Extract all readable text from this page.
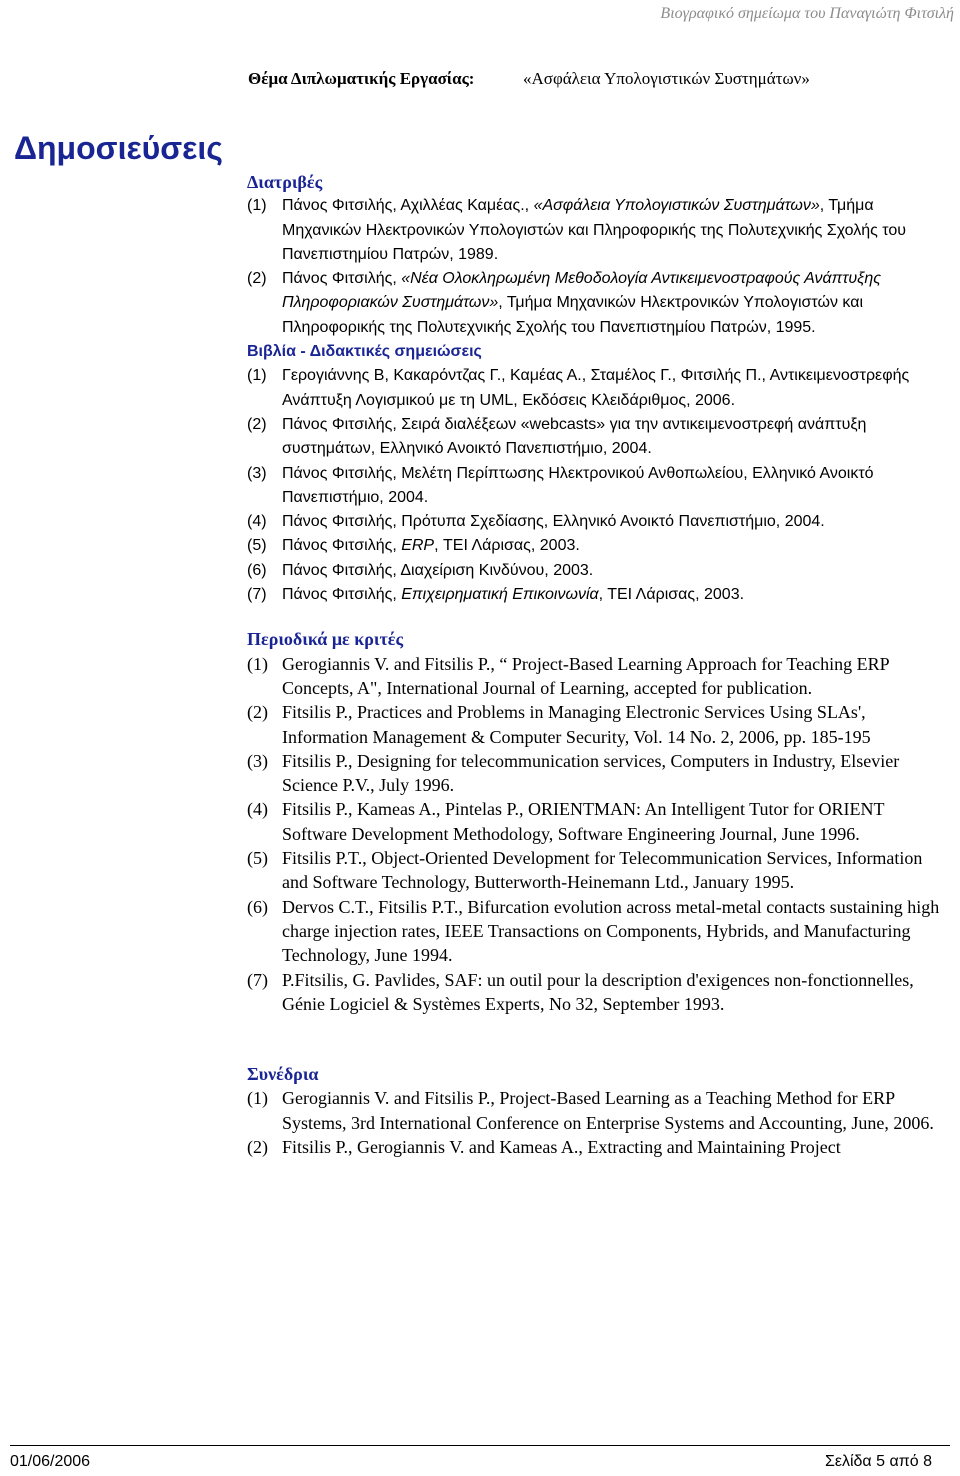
Βιογραφικό σημείωμα του Παναγιώτη Φιτσιλή
Θέμα Διπλωματικής Εργασίας:	«Ασφάλεια Υπολογιστικών Συστημάτων»
Δημοσιεύσεις
Διατριβές
(1) Πάνος Φιτσιλής, Αχιλλέας Καμέας., «Ασφάλεια Υπολογιστικών Συστημάτων», Τμήμα Μηχανικών Ηλεκτρονικών Υπολογιστών και Πληροφορικής της Πολυτεχνικής Σχολής του Πανεπιστημίου Πατρών, 1989.
(2) Πάνος Φιτσιλής, «Νέα Ολοκληρωμένη Μεθοδολογία Αντικειμενοστραφούς Ανάπτυξης Πληροφοριακών Συστημάτων», Τμήμα Μηχανικών Ηλεκτρονικών Υπολογιστών και Πληροφορικής της Πολυτεχνικής Σχολής του Πανεπιστημίου Πατρών, 1995.
Βιβλία - Διδακτικές σημειώσεις
(1) Γερογιάννης Β, Κακαρόντζας Γ., Καμέας Α., Σταμέλος Γ., Φιτσιλής Π., Αντικειμενοστρεφής Ανάπτυξη Λογισμικού με τη UML, Εκδόσεις Κλειδάριθμος, 2006.
(2) Πάνος Φιτσιλής, Σειρά διαλέξεων «webcasts» για την αντικειμενοστρεφή ανάπτυξη συστημάτων, Ελληνικό Ανοικτό Πανεπιστήμιο, 2004.
(3) Πάνος Φιτσιλής, Μελέτη Περίπτωσης Ηλεκτρονικού Ανθοπωλείου, Ελληνικό Ανοικτό Πανεπιστήμιο, 2004.
(4) Πάνος Φιτσιλής, Πρότυπα Σχεδίασης, Ελληνικό Ανοικτό Πανεπιστήμιο, 2004.
(5) Πάνος Φιτσιλής, ERP, ΤΕΙ Λάρισας, 2003.
(6) Πάνος Φιτσιλής, Διαχείριση Κινδύνου, 2003.
(7) Πάνος Φιτσιλής, Επιχειρηματική Επικοινωνία, ΤΕΙ Λάρισας, 2003.
Περιοδικά με κριτές
(1) Gerogiannis V. and Fitsilis P., “ Project-Based Learning Approach for Teaching ERP Concepts, A", International Journal of Learning, accepted for publication.
(2) Fitsilis P., Practices and Problems in Managing Electronic Services Using SLAs', Information Management & Computer Security, Vol. 14 No. 2, 2006, pp. 185-195
(3) Fitsilis P., Designing for telecommunication services, Computers in Industry, Elsevier Science P.V., July 1996.
(4) Fitsilis P., Kameas A., Pintelas P., ORIENTMAN: An Intelligent Tutor for ORIENT Software Development Methodology, Software Engineering Journal, June 1996.
(5) Fitsilis P.T., Object-Oriented Development for Telecommunication Services, Information and Software Technology, Butterworth-Heinemann Ltd., January 1995.
(6) Dervos C.T., Fitsilis P.T., Bifurcation evolution across metal-metal contacts sustaining high charge injection rates, IEEE Transactions on Components, Hybrids, and Manufacturing Technology, June 1994.
(7) P.Fitsilis, G. Pavlides, SAF: un outil pour la description d'exigences non-fonctionnelles, Génie Logiciel & Systèmes Experts, No 32, September 1993.
Συνέδρια
(1) Gerogiannis V. and Fitsilis P., Project-Based Learning as a Teaching Method for ERP Systems, 3rd International Conference on Enterprise Systems and Accounting, June, 2006.
(2) Fitsilis P., Gerogiannis V. and Kameas A., Extracting and Maintaining Project
01/06/2006	Σελίδα 5 από 8
